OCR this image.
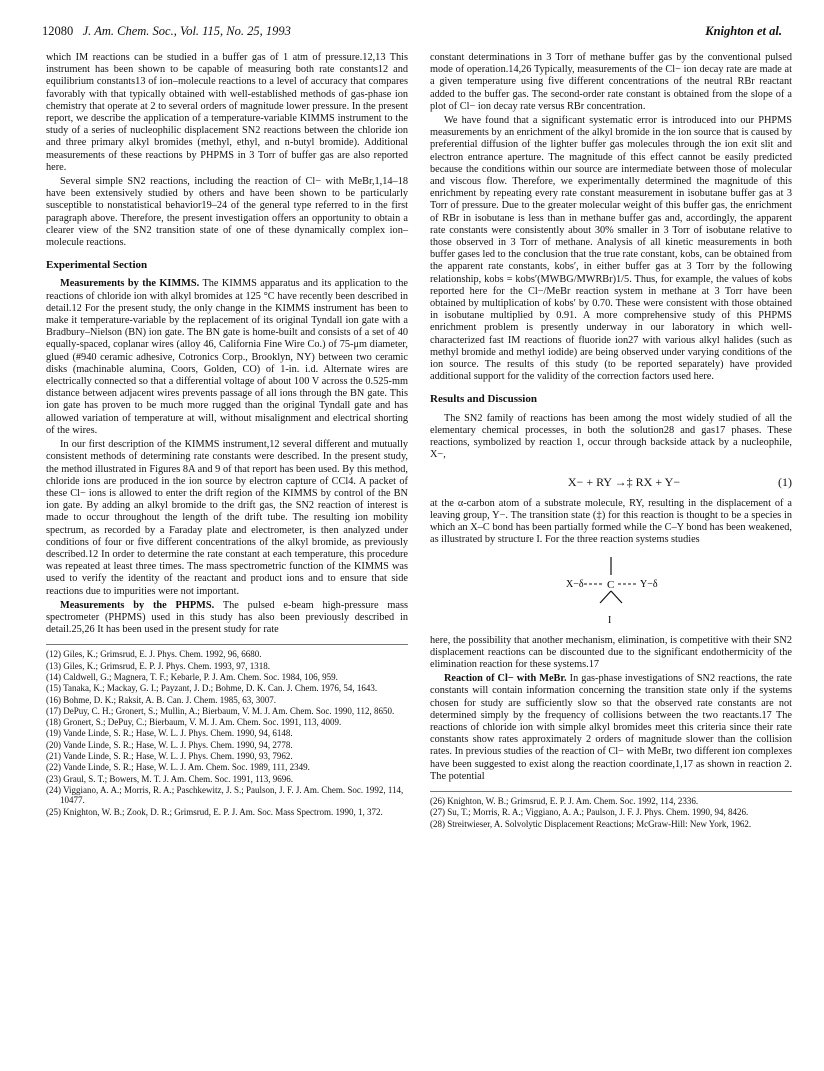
12080 J. Am. Chem. Soc., Vol. 115, No. 25, 1993	Knighton et al.

which IM reactions can be studied in a buffer gas of 1 atm of pressure.12,13 This instrument has been shown to be capable of measuring both rate constants12 and equilibrium constants13 of ion–molecule reactions to a level of accuracy that compares favorably with that typically obtained with well-established methods of gas-phase ion chemistry that operate at 2 to several orders of magnitude lower pressure. In the present report, we describe the application of a temperature-variable KIMMS instrument to the study of a series of nucleophilic displacement SN2 reactions between the chloride ion and three primary alkyl bromides (methyl, ethyl, and n-butyl bromide). Additional measurements of these reactions by PHPMS in 3 Torr of buffer gas are also reported here.

Several simple SN2 reactions, including the reaction of Cl− with MeBr,1,14–18 have been extensively studied by others and have been shown to be particularly susceptible to nonstatistical behavior19–24 of the general type referred to in the first paragraph above. Therefore, the present investigation offers an opportunity to obtain a clearer view of the SN2 transition state of one of these dynamically complex ion–molecule reactions.

Experimental Section

Measurements by the KIMMS. The KIMMS apparatus and its application to the reactions of chloride ion with alkyl bromides at 125 °C have recently been described in detail.12 For the present study, the only change in the KIMMS instrument has been to make it temperature-variable by the replacement of its original Tyndall ion gate with a Bradbury–Nielson (BN) ion gate. The BN gate is home-built and consists of a set of 40 equally-spaced, coplanar wires (alloy 46, California Fine Wire Co.) of 75-μm diameter, glued (#940 ceramic adhesive, Cotronics Corp., Brooklyn, NY) between two ceramic disks (machinable alumina, Coors, Golden, CO) of 1-in. i.d. Alternate wires are electrically connected so that a differential voltage of about 100 V across the 0.525-mm distance between adjacent wires prevents passage of all ions through the BN gate. This ion gate has proven to be much more rugged than the original Tyndall gate and has allowed variation of temperature at will, without misalignment and electrical shorting of the wires.

In our first description of the KIMMS instrument,12 several different and mutually consistent methods of determining rate constants were described. In the present study, the method illustrated in Figures 8A and 9 of that report has been used. By this method, chloride ions are produced in the ion source by electron capture of CCl4. A packet of these Cl− ions is allowed to enter the drift region of the KIMMS by control of the BN ion gate. By adding an alkyl bromide to the drift gas, the SN2 reaction of interest is made to occur throughout the length of the drift tube. The resulting ion mobility spectrum, as recorded by a Faraday plate and electrometer, is then analyzed under conditions of four or five different concentrations of the alkyl bromide, as previously described.12 In order to determine the rate constant at each temperature, this procedure was repeated at least three times. The mass spectrometric function of the KIMMS was used to verify the identity of the reactant and product ions and to ensure that side reactions due to impurities were not important.

Measurements by the PHPMS. The pulsed e-beam high-pressure mass spectrometer (PHPMS) used in this study has also been previously described in detail.25,26 It has been used in the present study for rate

(12) Giles, K.; Grimsrud, E. J. Phys. Chem. 1992, 96, 6680.
(13) Giles, K.; Grimsrud, E. P. J. Phys. Chem. 1993, 97, 1318.
(14) Caldwell, G.; Magnera, T. F.; Kebarle, P. J. Am. Chem. Soc. 1984, 106, 959.
(15) Tanaka, K.; Mackay, G. I.; Payzant, J. D.; Bohme, D. K. Can. J. Chem. 1976, 54, 1643.
(16) Bohme, D. K.; Raksit, A. B. Can. J. Chem. 1985, 63, 3007.
(17) DePuy, C. H.; Gronert, S.; Mullin, A.; Bierbaum, V. M. J. Am. Chem. Soc. 1990, 112, 8650.
(18) Gronert, S.; DePuy, C.; Bierbaum, V. M. J. Am. Chem. Soc. 1991, 113, 4009.
(19) Vande Linde, S. R.; Hase, W. L. J. Phys. Chem. 1990, 94, 6148.
(20) Vande Linde, S. R.; Hase, W. L. J. Phys. Chem. 1990, 94, 2778.
(21) Vande Linde, S. R.; Hase, W. L. J. Phys. Chem. 1990, 93, 7962.
(22) Vande Linde, S. R.; Hase, W. L. J. Am. Chem. Soc. 1989, 111, 2349.
(23) Graul, S. T.; Bowers, M. T. J. Am. Chem. Soc. 1991, 113, 9696.
(24) Viggiano, A. A.; Morris, R. A.; Paschkewitz, J. S.; Paulson, J. F. J. Am. Chem. Soc. 1992, 114, 10477.
(25) Knighton, W. B.; Zook, D. R.; Grimsrud, E. P. J. Am. Soc. Mass Spectrom. 1990, 1, 372.

constant determinations in 3 Torr of methane buffer gas by the conventional pulsed mode of operation.14,26 Typically, measurements of the Cl− ion decay rate are made at a given temperature using five different concentrations of the neutral RBr reactant added to the buffer gas. The second-order rate constant is obtained from the slope of a plot of Cl− ion decay rate versus RBr concentration.

We have found that a significant systematic error is introduced into our PHPMS measurements by an enrichment of the alkyl bromide in the ion source that is caused by preferential diffusion of the lighter buffer gas molecules through the ion exit slit and electron entrance aperture. The magnitude of this effect cannot be easily predicted because the conditions within our source are intermediate between those of molecular and viscous flow. Therefore, we experimentally determined the magnitude of this enrichment by repeating every rate constant measurement in isobutane buffer gas at 3 Torr of pressure. Due to the greater molecular weight of this buffer gas, the enrichment of RBr in isobutane is less than in methane buffer gas and, accordingly, the apparent rate constants were consistently about 30% smaller in 3 Torr of isobutane relative to those observed in 3 Torr of methane. Analysis of all kinetic measurements in both buffer gases led to the conclusion that the true rate constant, kobs, can be obtained from the apparent rate constants, kobs′, in either buffer gas at 3 Torr by the following relationship, kobs = kobs′(MWBG/MWRBr)1/5. Thus, for example, the values of kobs reported here for the Cl−/MeBr reaction system in methane at 3 Torr have been obtained by multiplication of kobs′ by 0.70. These were consistent with those obtained in isobutane multiplied by 0.91. A more comprehensive study of this PHPMS enrichment problem is presently underway in our laboratory in which well-characterized fast IM reactions of fluoride ion27 with various alkyl halides (such as methyl bromide and methyl iodide) are being observed under varying conditions of the ion source. The results of this study (to be reported separately) have provided additional support for the validity of the correction factors used here.

Results and Discussion

The SN2 family of reactions has been among the most widely studied of all the elementary chemical processes, in both the solution28 and gas17 phases. These reactions, symbolized by reaction 1, occur through backside attack by a nucleophile, X−,

X− + RY →‡ RX + Y−	(1)

at the α-carbon atom of a substrate molecule, RY, resulting in the displacement of a leaving group, Y−. The transition state (‡) for this reaction is thought to be a species in which an X–C bond has been partially formed while the C–Y bond has been weakened, as illustrated by structure I. For the three reaction systems studies

X−δ C	Y−δ
I

here, the possibility that another mechanism, elimination, is competitive with their SN2 displacement reactions can be discounted due to the significant endothermicity of the elimination reaction for these systems.17

Reaction of Cl− with MeBr. In gas-phase investigations of SN2 reactions, the rate constants will contain information concerning the transition state only if the systems chosen for study are sufficiently slow so that the observed rate constants are not determined simply by the frequency of collisions between the two reactants.17 The reactions of chloride ion with simple alkyl bromides meet this criteria since their rate constants show rates approximately 2 orders of magnitude slower than the collision rates. In previous studies of the reaction of Cl− with MeBr, two different ion complexes have been suggested to exist along the reaction coordinate,1,17 as shown in reaction 2. The potential

(26) Knighton, W. B.; Grimsrud, E. P. J. Am. Chem. Soc. 1992, 114, 2336.
(27) Su, T.; Morris, R. A.; Viggiano, A. A.; Paulson, J. F. J. Phys. Chem. 1990, 94, 8426.
(28) Streitwieser, A. Solvolytic Displacement Reactions; McGraw-Hill: New York, 1962.
